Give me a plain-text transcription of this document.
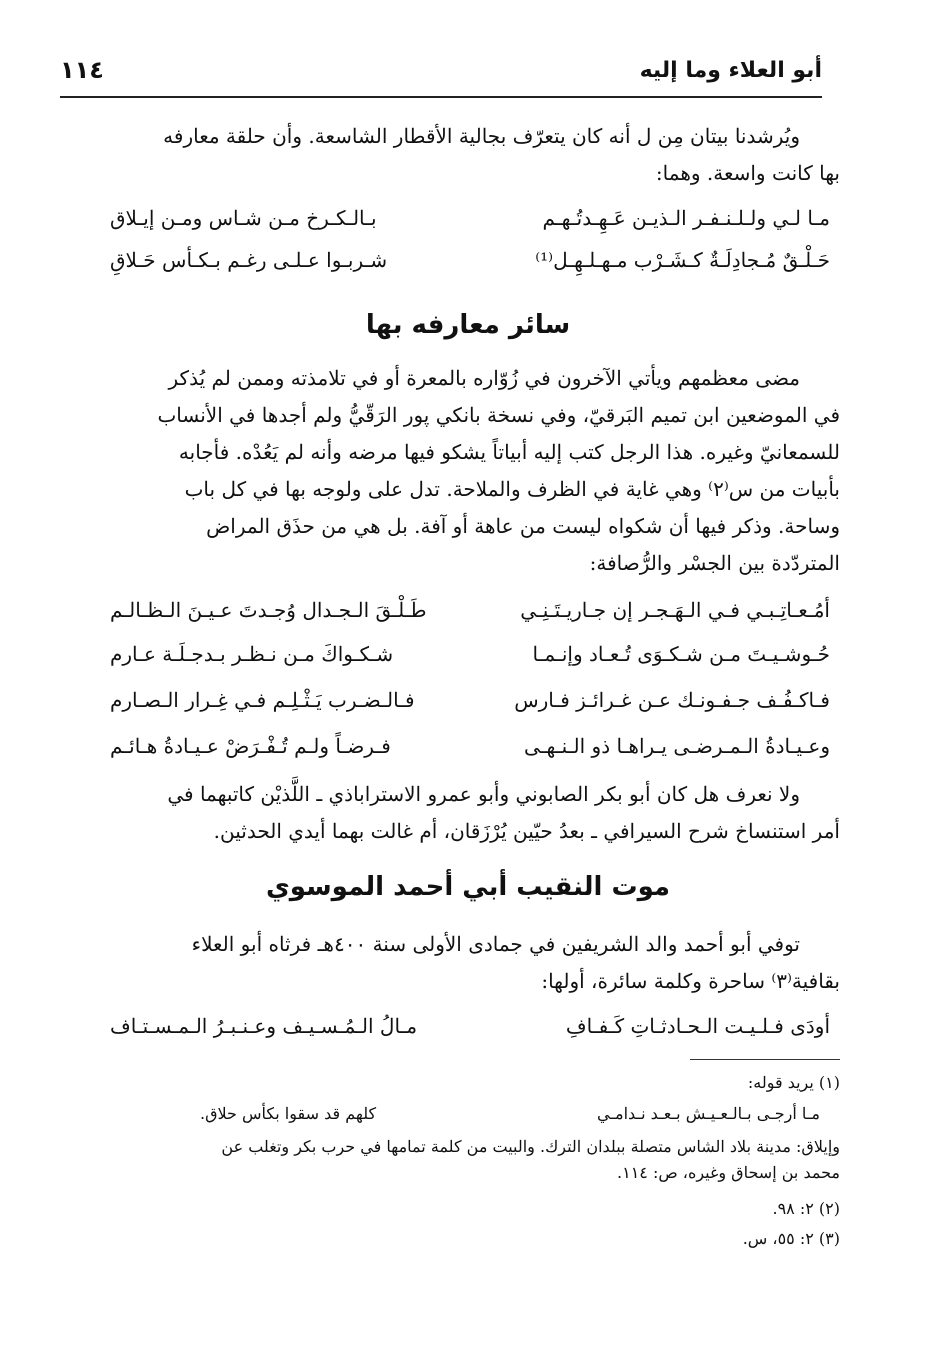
أبو العلاء وما إليه
١١٤

ويُرشدنا بيتان مِن ل أنه كان يتعرّف بجالية الأقطار الشاسعة. وأن حلقة معارفه
بها كانت واسعة. وهما:

مـا لـي ولـلـنـفـر الـذيـن عَـهِـدتُـهـم
بـالـكـرخ مـن شـاس ومـن إيـلاق
حَـلْـقٌ مُـجادِلَـةٌ كـشَـرْب مـهـلـهِـل⁽¹⁾
شـربـوا عـلـى رغـم بـكـأس حَـلاقِ
سائر معارفه بها

مضى معظمهم ويأتي الآخرون في زُوّاره بالمعرة أو في تلامذته وممن لم يُذكر
في الموضعين ابن تميم البَرقيّ، وفي نسخة بانكي پور الرَقّيُّ ولم أجدها في الأنساب
للسمعانيّ وغيره. هذا الرجل كتب إليه أبياتاً يشكو فيها مرضه وأنه لم يَعُدْه. فأجابه
بأبيات من س⁽٢⁾ وهي غاية في الظرف والملاحة. تدل على ولوجه بها في كل باب
وساحة. وذكر فيها أن شكواه ليست من عاهة أو آفة. بل هي من حذَق المراض
المتردّدة بين الجسْر والرُّصافة:

أمُـعـاتِـبـي فـي الـهَـجـر إن جـاريـتَـنِـي
طَـلْـقَ الـجـدال وُجـدتَ عـيـنَ الـظـالـم
حُـوشـيـتَ مـن شـكـوَى تُـعـاد وإنـمـا
شـكـواكَ مـن نـظـر بـدجـلَـة عـارم
فـاكـفُـف جـفـونـك عـن غـرائـز فـارس
فـالـضـرب يَـثْـلِـم فـي غِـرار الـصـارم
وعـيـادةُ الـمـرضـى يـراهـا ذو الـنـهـى
فـرضـاً ولـم تُـفْـرَضْ عـيـادةُ هـائـم

ولا نعرف هل كان أبو بكر الصابوني وأبو عمرو الاستراباذي ـ اللَّذيْن كاتبهما في
أمر استنساخ شرح السيرافي ـ بعدُ حيّين يُرْزَقان، أم غالت بهما أيدي الحدثين.

موت النقيب أبي أحمد الموسوي

توفي أبو أحمد والد الشريفين في جمادى الأولى سنة ٤٠٠هـ فرثاه أبو العلاء
بقافية⁽٣⁾ ساحرة وكلمة سائرة، أولها:

أودَى فـلـيـت الـحـادثـاتِ كَـفـافِ
مـالُ الـمُـسـيـف وعـنـبـرُ الـمـسـتـاف

(١) يريد قوله:

مـا أرجـى بـالـعـيـش بـعـد نـدامـي
كلهم قد سقوا بكأس حلاق.

وإيلاق: مدينة بلاد الشاس متصلة ببلدان الترك. والبيت من كلمة تمامها في حرب بكر وتغلب عن
محمد بن إسحاق وغيره، ص: ١١٤.

(٢) ٢: ٩٨.

(٣) ٢: ٥٥، س.
